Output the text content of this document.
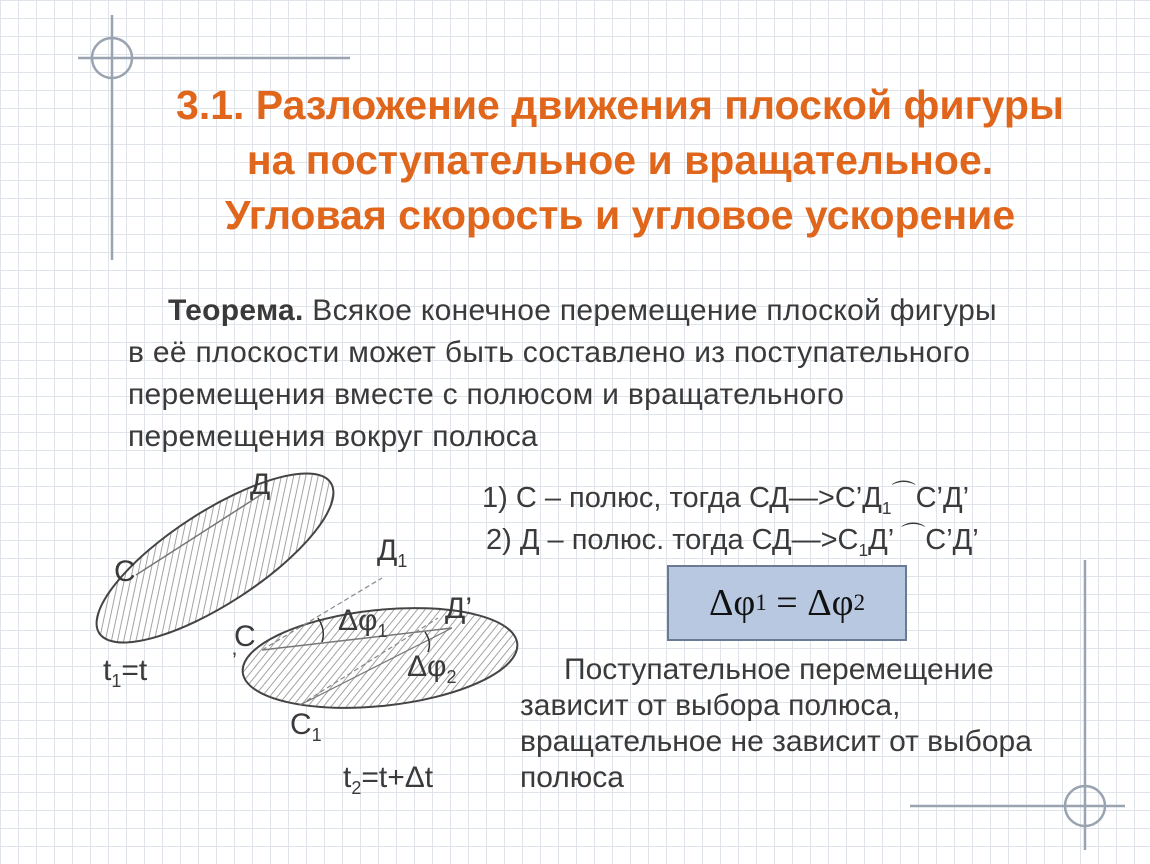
3.1. Разложение движения плоской фигуры на поступательное и вращательное. Угловая скорость и угловое ускорение

Теорема. Всякое конечное перемещение плоской фигуры в её плоскости может быть составлено из поступательного перемещения вместе с полюсом и вращательного перемещения вокруг полюса

1) С – полюс, тогда $СД—>С’Д_1^⌒С’Д$’
2) Д – полюс. тогда $СД—>С_1Д$’ ⌒С’Д’
Δφ 1 = Δφ 2

Поступательное перемещение зависит от выбора полюса, вращательное не зависит от выбора полюса

Д
С
$Д_1$
С
’
Д’
$\Delta\varphi_1$
$\Delta\varphi_2$
$С_1$
$t_1=t$
$t_2=t+\Delta t$
